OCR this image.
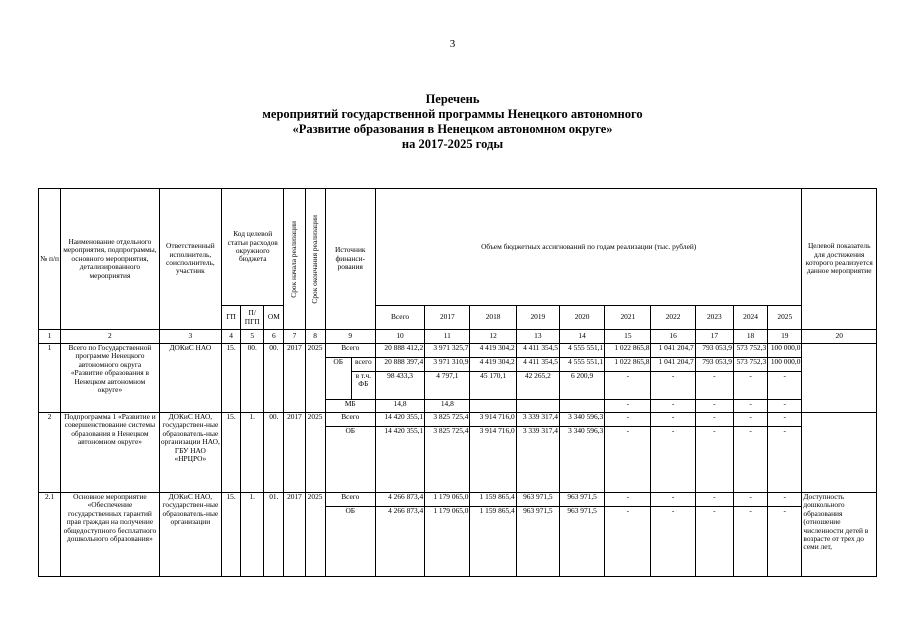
3
Перечень
мероприятий государственной программы Ненецкого автономного
«Развитие образования в Ненецком автономном округе»
на 2017-2025 годы
№ п/п	Наименование отдельного мероприятия, подпрограммы, основного мероприятия, детализированного мероприятия	Ответственный исполнитель, соисполнитель, участник	Код целевой статьи расходов окружного бюджета			Срок начала реализации	Срок окончания реализации	Источник финанси-рования		Объем бюджетных ассигнований по годам реализации (тыс. рублей)										Целевой показатель для достижения которого реализуется данное мероприятие
			ГП	П/ ПГП	ОМ					Всего	2017	2018	2019	2020	2021	2022	2023	2024	2025	
1	2	3	4	5	6	7	8	9		10	11	12	13	14	15	16	17	18	19	20
1	Всего по Государственной программе Ненецкого автономного округа «Развитие образования в Ненецком автономном округе»	ДОКиС НАО	15.	00.	00.	2017	2025	Всего		20 888 412,2	3 971 325,7	4 419 304,2	4 411 354,5	4 555 551,1	1 022 865,8	1 041 204,7	793 053,9	573 752,3	100 000,0	
								ОБ	всего	20 888 397,4	3 971 310,9	4 419 304,2	4 411 354,5	4 555 551,1	1 022 865,8	1 041 204,7	793 053,9	573 752,3	100 000,0	
									в т.ч. ФБ	98 433,3	4 797,1	45 170,1	42 265,2	6 200,9	-	-	-	-	-	
								МБ		14,8	14,8				-	-	-	-	-	
2	Подпрограмма 1 «Развитие и совершенствование системы образования в Ненецком автономном округе»	ДОКиС НАО, государствен-ные образователь-ные организации НАО, ГБУ НАО «НРЦРО»	15.	1.	00.	2017	2025	Всего		14 420 355,1	3 825 725,4	3 914 716,0	3 339 317,4	3 340 596,3	-	-	-	-	-	
								ОБ		14 420 355,1	3 825 725,4	3 914 716,0	3 339 317,4	3 340 596,3	-	-	-	-	-	
2.1	Основное мероприятие «Обеспечение государственных гарантий прав граждан на получение общедоступного бесплатного дошкольного образования»	ДОКиС НАО, государствен-ные образователь-ные организации	15.	1.	01.	2017	2025	Всего		4 266 873,4	1 179 065,0	1 159 865,4	963 971,5	963 971,5	-	-	-	-	-	Доступность дошкольного образования (отношение численности детей в возрасте от трех до семи лет,
								ОБ		4 266 873,4	1 179 065,0	1 159 865,4	963 971,5	963 971,5	-	-	-	-	-	
